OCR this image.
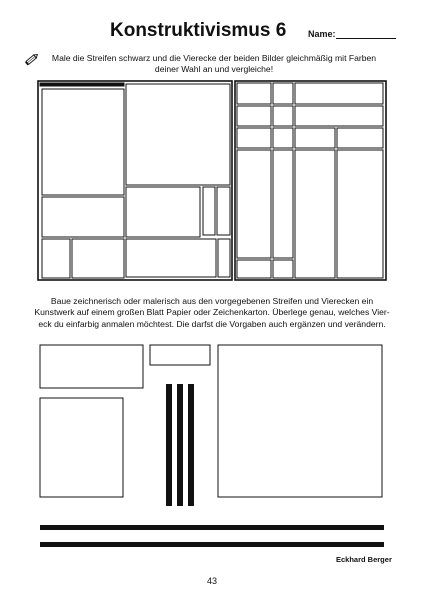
Konstruktivismus 6 Name:
Male die Streifen schwarz und die Vierecke der beiden Bilder gleichmäßig mit Farben
deiner Wahl an und vergleiche!
Baue zeichnerisch oder malerisch aus den vorgegebenen Streifen und Vierecken ein
Kunstwerk auf einem großen Blatt Papier oder Zeichenkarton. Überlege genau, welches Vier-
eck du einfarbig anmalen möchtest. Die darfst die Vorgaben auch ergänzen und verändern.
Eckhard Berger
43
